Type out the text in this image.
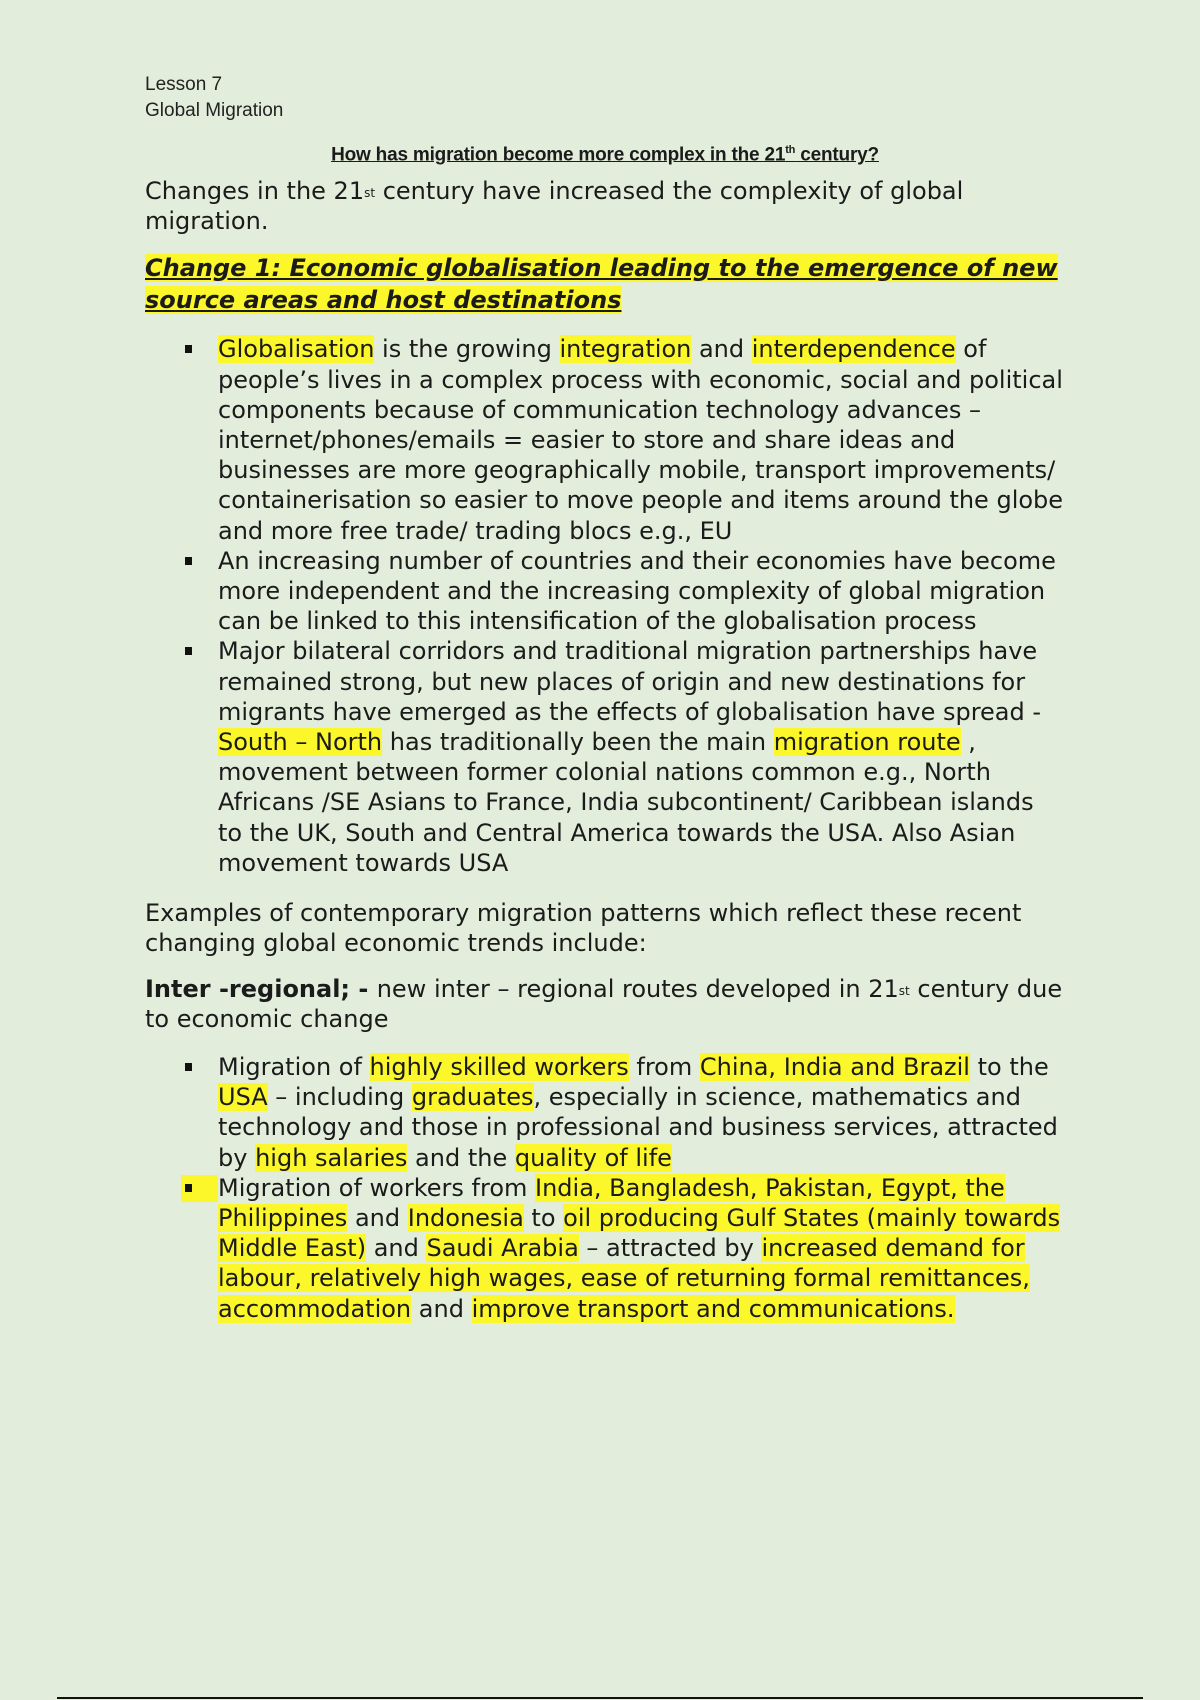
Lesson 7
Global Migration
How has migration become more complex in the 21th century?

Changes in the 21st century have increased the complexity of global migration.

Change 1: Economic globalisation leading to the emergence of new source areas and host destinations

Globalisation is the growing integration and interdependence of people’s lives in a complex process with economic, social and political components because of communication technology advances – internet/phones/emails = easier to store and share ideas and businesses are more geographically mobile, transport improvements/ containerisation so easier to move people and items around the globe and more free trade/ trading blocs e.g., EU
An increasing number of countries and their economies have become more independent and the increasing complexity of global migration can be linked to this intensification of the globalisation process
Major bilateral corridors and traditional migration partnerships have remained strong, but new places of origin and new destinations for migrants have emerged as the effects of globalisation have spread - South – North has traditionally been the main migration route , movement between former colonial nations common e.g., North Africans /SE Asians to France, India subcontinent/ Caribbean islands to the UK, South and Central America towards the USA. Also Asian movement towards USA

Examples of contemporary migration patterns which reflect these recent changing global economic trends include:

Inter -regional; - new inter – regional routes developed in 21st century due to economic change

Migration of highly skilled workers from China, India and Brazil to the USA – including graduates, especially in science, mathematics and technology and those in professional and business services, attracted by high salaries and the quality of life
Migration of workers from India, Bangladesh, Pakistan, Egypt, the Philippines and Indonesia to oil producing Gulf States (mainly towards Middle East) and Saudi Arabia – attracted by increased demand for labour, relatively high wages, ease of returning formal remittances, accommodation and improve transport and communications.
